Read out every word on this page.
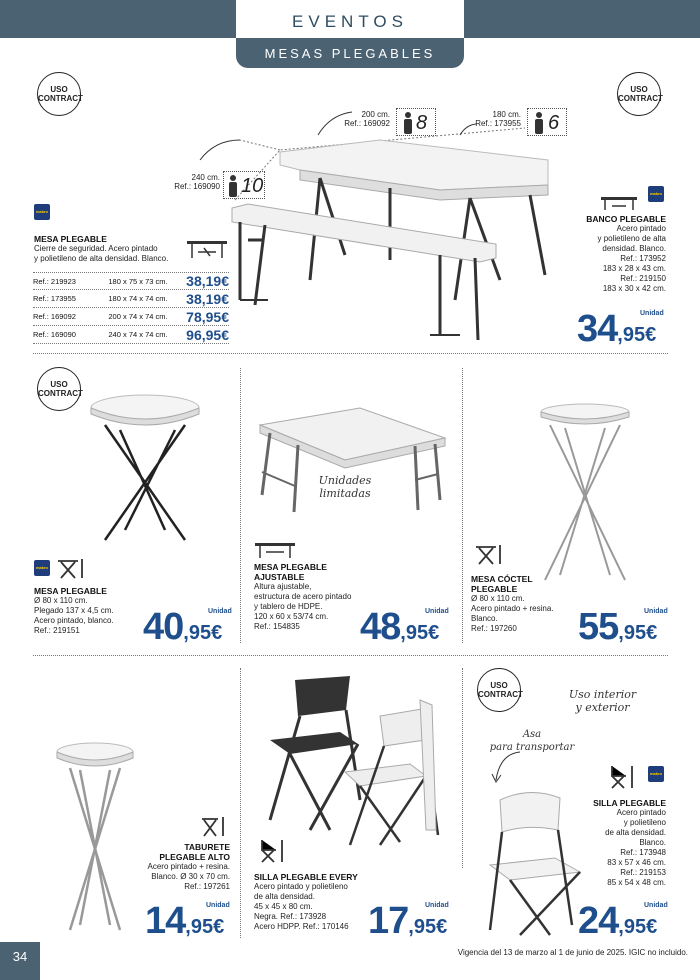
EVENTOS
MESAS PLEGABLES
USO
CONTRACT
USO
CONTRACT
USO
CONTRACT
USO
CONTRACT
200 cm.
Ref.: 169092 8	180 cm.
Ref.: 173955 6
240 cm.
Ref.: 169090 10
makro
MESA PLEGABLE
Cierre de seguridad. Acero pintado
y polietileno de alta densidad. Blanco.
Ref.: 219923	180 x 75 x 73 cm.	38,19€
Ref.: 173955	180 x 74 x 74 cm.	38,19€
Ref.: 169092	200 x 74 x 74 cm.	78,95€
Ref.: 169090	240 x 74 x 74 cm.	96,95€
makro
BANCO PLEGABLE
Acero pintado
y polietileno de alta
densidad. Blanco.
Ref.: 173952
183 x 28 x 43 cm.
Ref.: 219150
183 x 30 x 42 cm.
Unidad
34,95€
makro
MESA PLEGABLE
Ø 80 x 110 cm.
Plegado 137 x 4,5 cm.
Acero pintado, blanco.
Ref.: 219151
Unidad
40,95€
Unidades
limitadas
MESA PLEGABLE
AJUSTABLE
Altura ajustable,
estructura de acero pintado
y tablero de HDPE.
120 x 60 x 53/74 cm.
Ref.: 154835
Unidad
48,95€
MESA CÓCTEL
PLEGABLE
Ø 80 x 110 cm.
Acero pintado + resina.
Blanco.
Ref.: 197260
Unidad
55,95€
TABURETE
PLEGABLE ALTO
Acero pintado + resina.
Blanco. Ø 30 x 70 cm.
Ref.: 197261
Unidad
14,95€
SILLA PLEGABLE EVERY
Acero pintado y polietileno
de alta densidad.
45 x 45 x 80 cm.
Negra. Ref.: 173928
Acero HDPP. Ref.: 170146
Unidad
17,95€
Uso interior
y exterior
Asa
para transportar
makro
SILLA PLEGABLE
Acero pintado
y polietileno
de alta densidad.
Blanco.
Ref.: 173948
83 x 57 x 46 cm.
Ref.: 219153
85 x 54 x 48 cm.
Unidad
24,95€
34	Vigencia del 13 de marzo al 1 de junio de 2025. IGIC no incluido.
